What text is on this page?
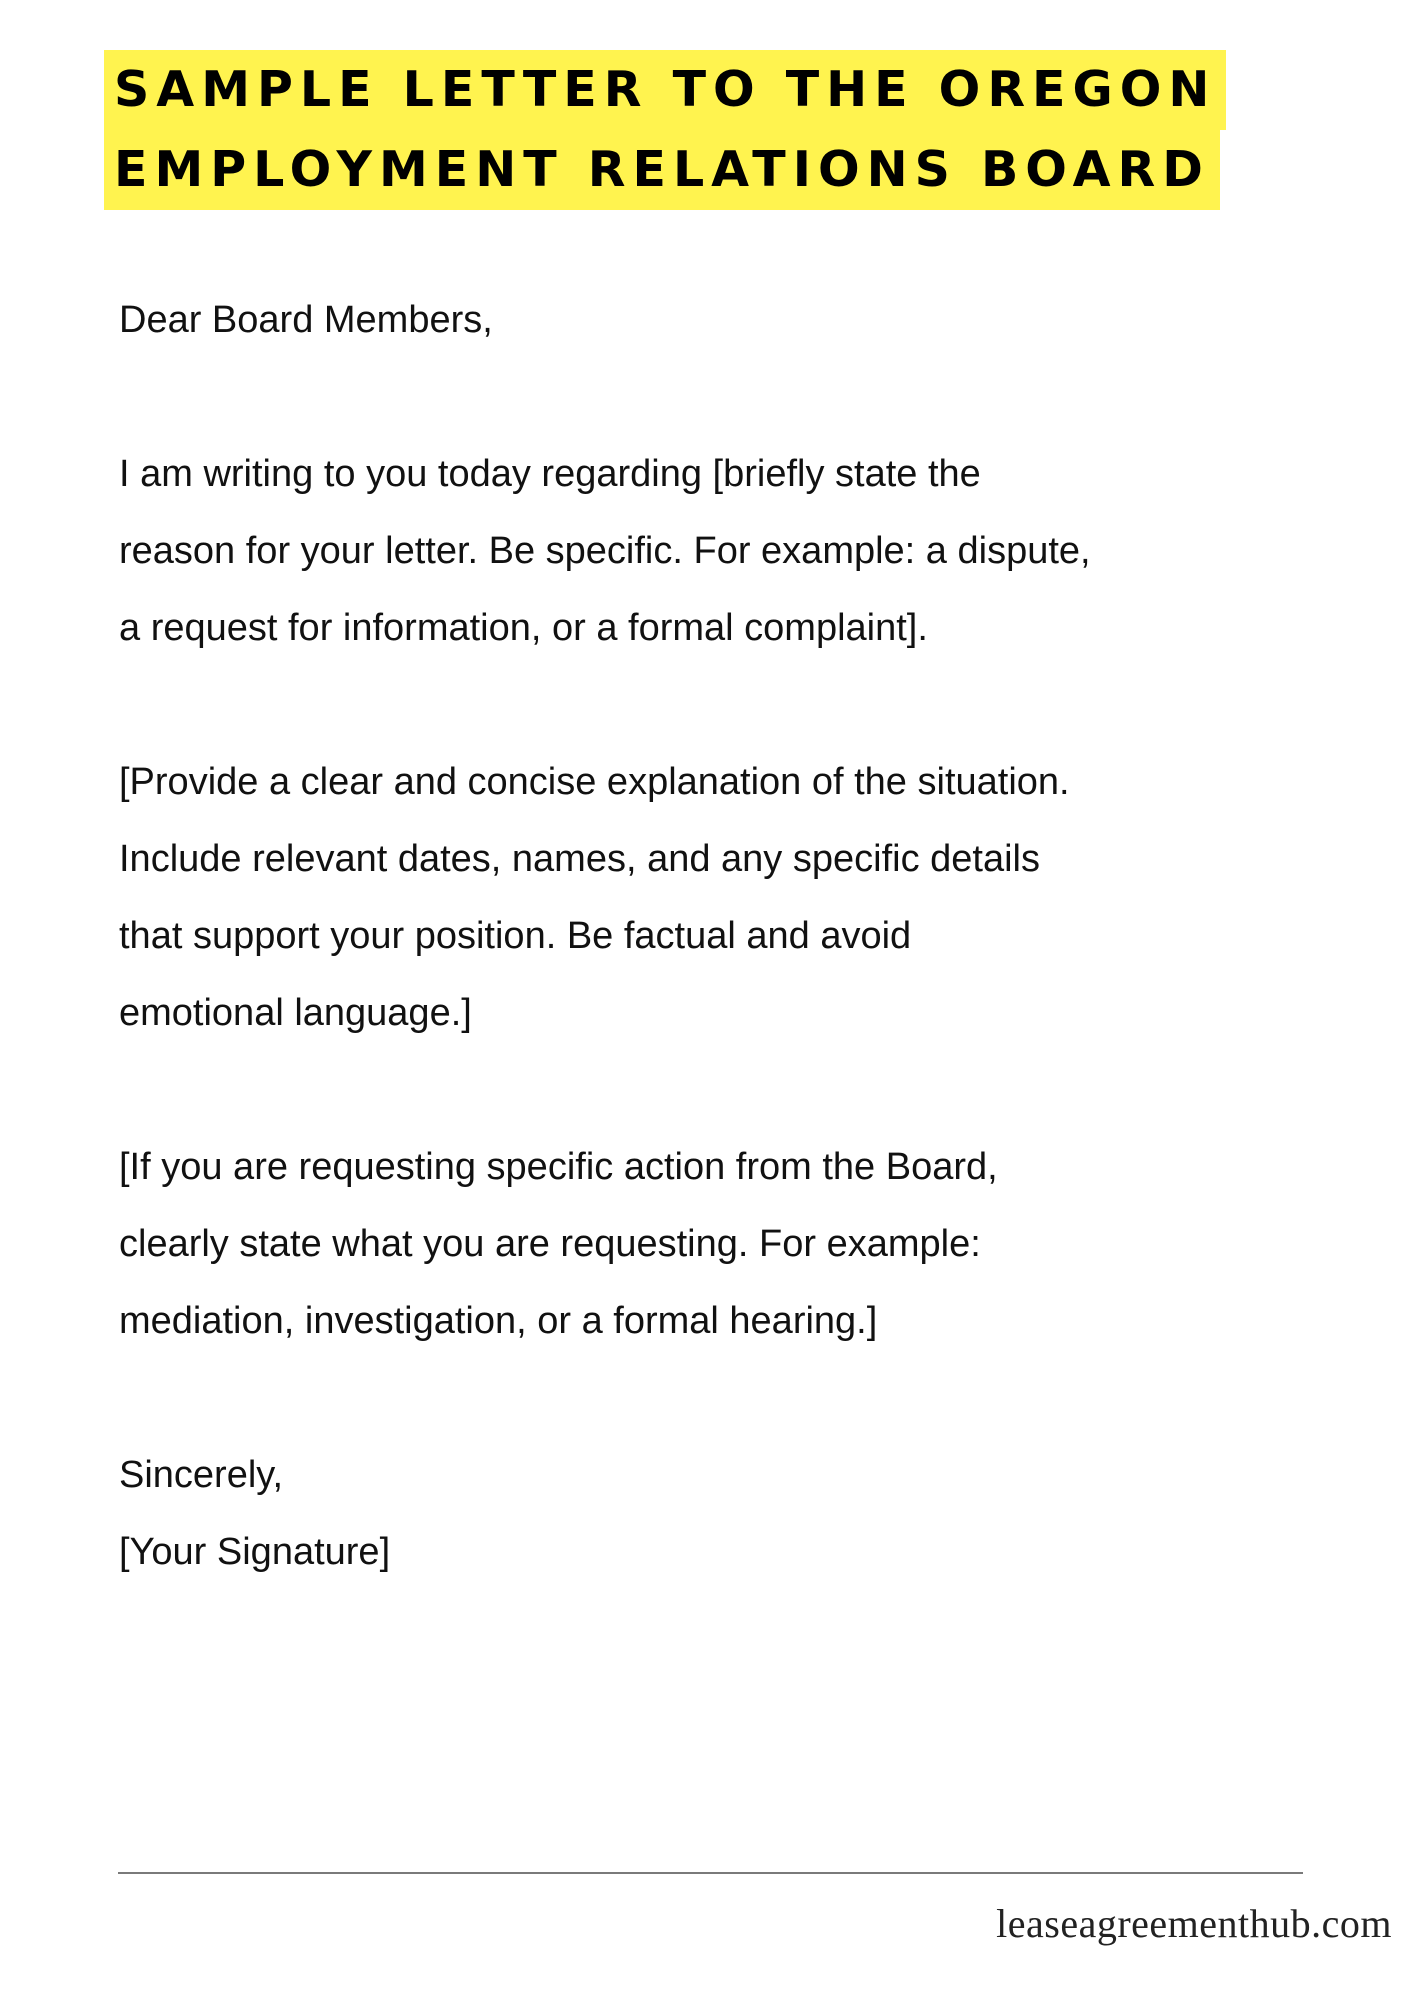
SAMPLE LETTER TO THE OREGON
EMPLOYMENT RELATIONS BOARD

Dear Board Members,

I am writing to you today regarding [briefly state the
reason for your letter. Be specific. For example: a dispute,
a request for information, or a formal complaint].

[Provide a clear and concise explanation of the situation.
Include relevant dates, names, and any specific details
that support your position. Be factual and avoid
emotional language.]

[If you are requesting specific action from the Board,
clearly state what you are requesting. For example:
mediation, investigation, or a formal hearing.]

Sincerely,
[Your Signature]

leaseagreementhub.com
